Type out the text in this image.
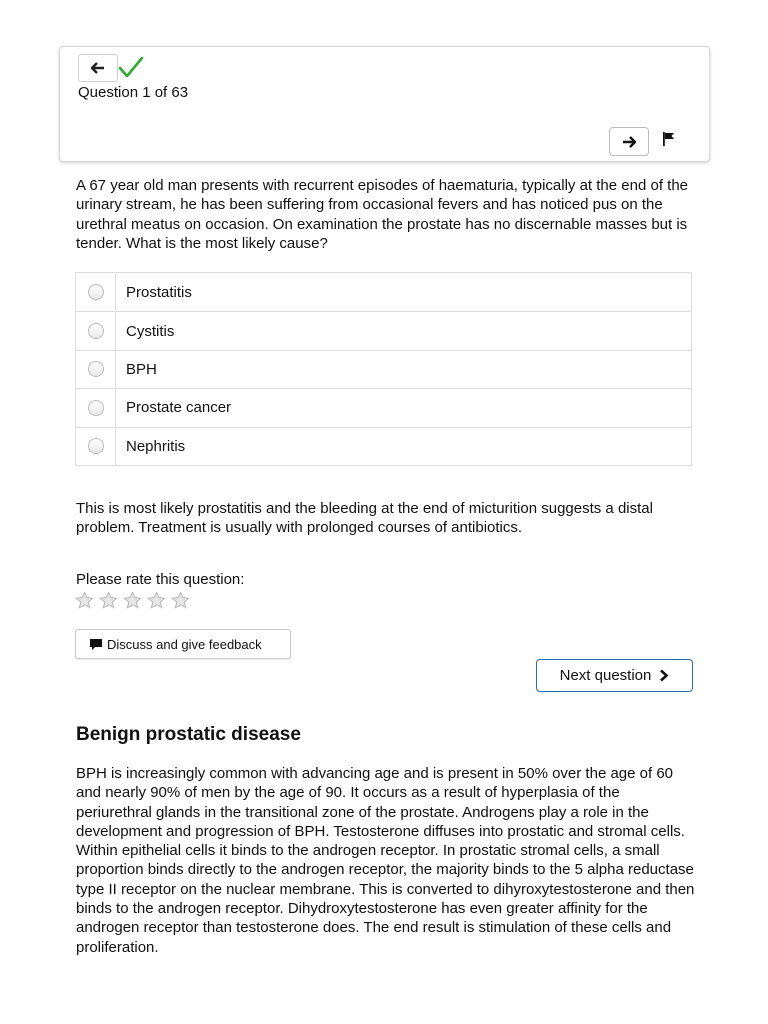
Question 1 of 63
A 67 year old man presents with recurrent episodes of haematuria, typically at the end of the urinary stream, he has been suffering from occasional fevers and has noticed pus on the urethral meatus on occasion. On examination the prostate has no discernable masses but is tender. What is the most likely cause?
Prostatitis
Cystitis
BPH
Prostate cancer
Nephritis
This is most likely prostatitis and the bleeding at the end of micturition suggests a distal problem. Treatment is usually with prolonged courses of antibiotics.
Please rate this question:
Discuss and give feedback
Next question
Benign prostatic disease
BPH is increasingly common with advancing age and is present in 50% over the age of 60 and nearly 90% of men by the age of 90. It occurs as a result of hyperplasia of the periurethral glands in the transitional zone of the prostate. Androgens play a role in the development and progression of BPH. Testosterone diffuses into prostatic and stromal cells. Within epithelial cells it binds to the androgen receptor. In prostatic stromal cells, a small proportion binds directly to the androgen receptor, the majority binds to the 5 alpha reductase type II receptor on the nuclear membrane. This is converted to dihyroxytestosterone and then binds to the androgen receptor. Dihydroxytestosterone has even greater affinity for the androgen receptor than testosterone does. The end result is stimulation of these cells and proliferation.
